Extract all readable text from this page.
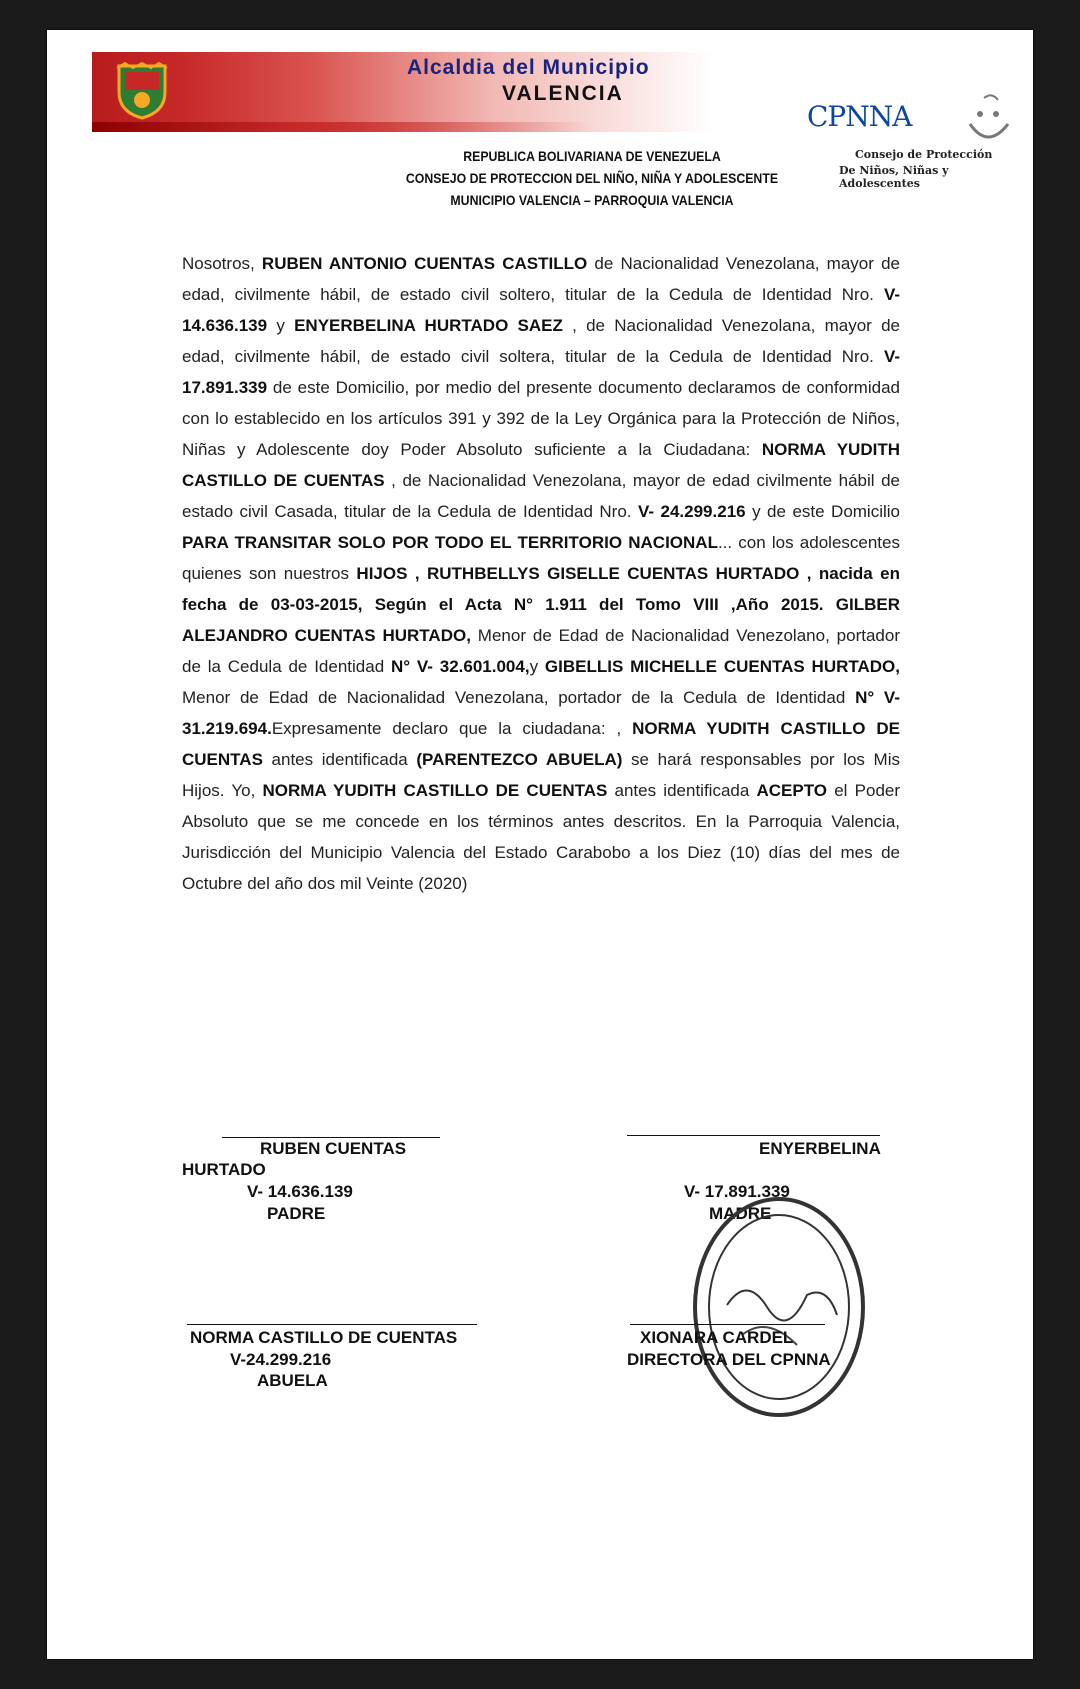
Alcaldia del Municipio
VALENCIA
CPNNA
Consejo de Protección
De Niños, Niñas y Adolescentes
REPUBLICA BOLIVARIANA DE VENEZUELA
CONSEJO DE PROTECCION DEL NIÑO, NIÑA Y ADOLESCENTE
MUNICIPIO VALENCIA – PARROQUIA VALENCIA
Nosotros, RUBEN ANTONIO CUENTAS CASTILLO de Nacionalidad Venezolana, mayor de edad, civilmente hábil, de estado civil soltero, titular de la Cedula de Identidad Nro. V- 14.636.139 y ENYERBELINA HURTADO SAEZ , de Nacionalidad Venezolana, mayor de edad, civilmente hábil, de estado civil soltera, titular de la Cedula de Identidad Nro. V- 17.891.339 de este Domicilio, por medio del presente documento declaramos de conformidad con lo establecido en los artículos 391 y 392 de la Ley Orgánica para la Protección de Niños, Niñas y Adolescente doy Poder Absoluto suficiente a la Ciudadana: NORMA YUDITH CASTILLO DE CUENTAS , de Nacionalidad Venezolana, mayor de edad civilmente hábil de estado civil Casada, titular de la Cedula de Identidad Nro. V- 24.299.216 y de este Domicilio PARA TRANSITAR SOLO POR TODO EL TERRITORIO NACIONAL... con los adolescentes quienes son nuestros HIJOS , RUTHBELLYS GISELLE CUENTAS HURTADO , nacida en fecha de 03-03-2015, Según el Acta N° 1.911 del Tomo VIII ,Año 2015. GILBER ALEJANDRO CUENTAS HURTADO, Menor de Edad de Nacionalidad Venezolano, portador de la Cedula de Identidad N° V- 32.601.004,y GIBELLIS MICHELLE CUENTAS HURTADO, Menor de Edad de Nacionalidad Venezolana, portador de la Cedula de Identidad N° V- 31.219.694.Expresamente declaro que la ciudadana: , NORMA YUDITH CASTILLO DE CUENTAS antes identificada (PARENTEZCO ABUELA) se hará responsables por los Mis Hijos. Yo, NORMA YUDITH CASTILLO DE CUENTAS antes identificada ACEPTO el Poder Absoluto que se me concede en los términos antes descritos. En la Parroquia Valencia, Jurisdicción del Municipio Valencia del Estado Carabobo a los Diez (10) días del mes de Octubre del año dos mil Veinte (2020)
RUBEN CUENTAS
HURTADO
V- 14.636.139
PADRE
ENYERBELINA
V- 17.891.339
MADRE
NORMA CASTILLO DE CUENTAS
V-24.299.216
ABUELA
XIONARA CARDEL
DIRECTORA DEL CPNNA
